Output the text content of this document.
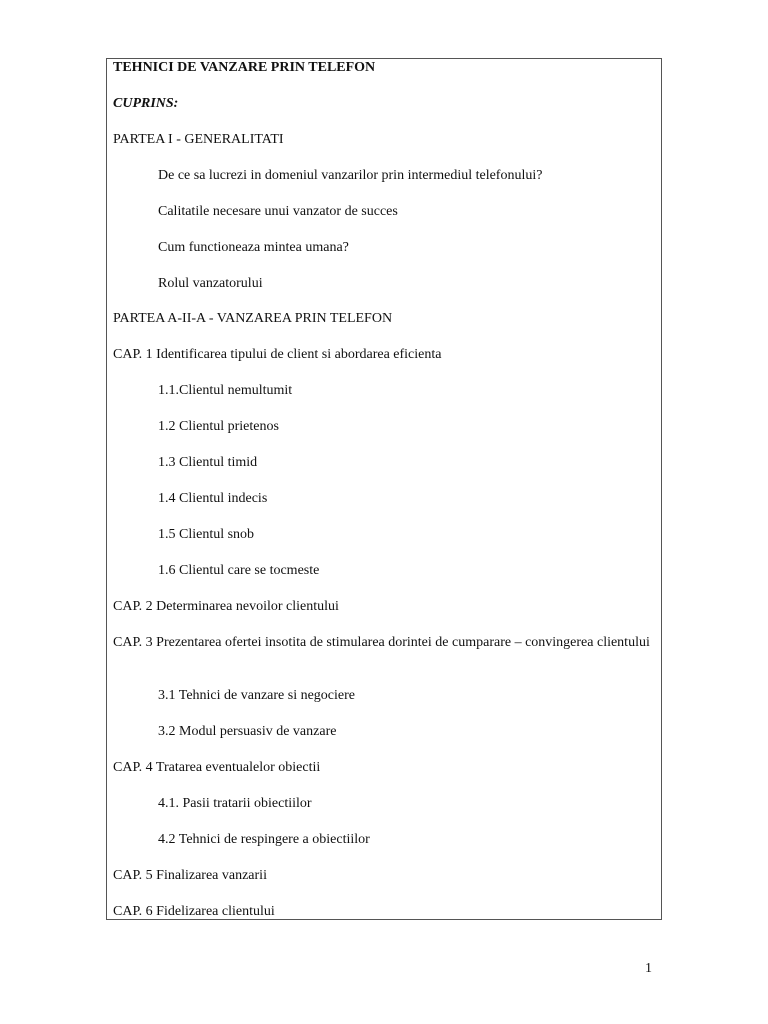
TEHNICI DE VANZARE PRIN TELEFON

CUPRINS:

PARTEA I - GENERALITATI

De ce sa lucrezi in domeniul vanzarilor prin intermediul telefonului?

Calitatile necesare unui vanzator de succes

Cum functioneaza mintea umana?

Rolul vanzatorului

PARTEA A-II-A - VANZAREA PRIN TELEFON

CAP. 1 Identificarea tipului de client si abordarea eficienta

1.1.Clientul nemultumit

1.2 Clientul prietenos

1.3 Clientul timid

1.4 Clientul indecis

1.5 Clientul snob

1.6 Clientul care se tocmeste

CAP. 2 Determinarea nevoilor clientului

CAP. 3 Prezentarea ofertei insotita de stimularea dorintei de cumparare – convingerea clientului

3.1 Tehnici de vanzare si negociere

3.2 Modul persuasiv de vanzare

CAP. 4 Tratarea eventualelor obiectii

4.1. Pasii tratarii obiectiilor

4.2 Tehnici de respingere a obiectiilor

CAP. 5 Finalizarea vanzarii

CAP. 6 Fidelizarea clientului

1
